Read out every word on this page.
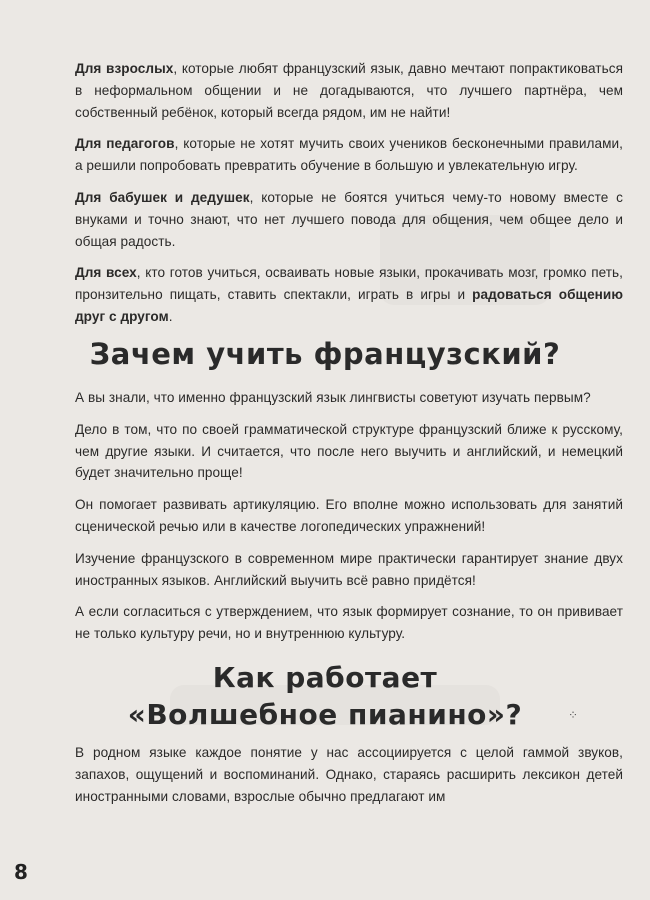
Для взрослых, которые любят французский язык, давно мечтают попрактиковаться в неформальном общении и не догадываются, что лучшего партнёра, чем собственный ребёнок, который всегда рядом, им не найти!

Для педагогов, которые не хотят мучить своих учеников бесконечными правилами, а решили попробовать превратить обучение в большую и увлекательную игру.

Для бабушек и дедушек, которые не боятся учиться чему-то новому вместе с внуками и точно знают, что нет лучшего повода для общения, чем общее дело и общая радость.

Для всех, кто готов учиться, осваивать новые языки, прокачивать мозг, громко петь, пронзительно пищать, ставить спектакли, играть в игры и радоваться общению друг с другом.

Зачем учить французский?

А вы знали, что именно французский язык лингвисты советуют изучать первым?

Дело в том, что по своей грамматической структуре французский ближе к русскому, чем другие языки. И считается, что после него выучить и английский, и немецкий будет значительно проще!

Он помогает развивать артикуляцию. Его вполне можно использовать для занятий сценической речью или в качестве логопедических упражнений!

Изучение французского в современном мире практически гарантирует знание двух иностранных языков. Английский выучить всё равно придётся!

А если согласиться с утверждением, что язык формирует сознание, то он прививает не только культуру речи, но и внутреннюю культуру.

Как работает
«Волшебное пианино»?	⁘

В родном языке каждое понятие у нас ассоциируется с целой гаммой звуков, запахов, ощущений и воспоминаний. Однако, стараясь расширить лексикон детей иностранными словами, взрослые обычно предлагают им

8
